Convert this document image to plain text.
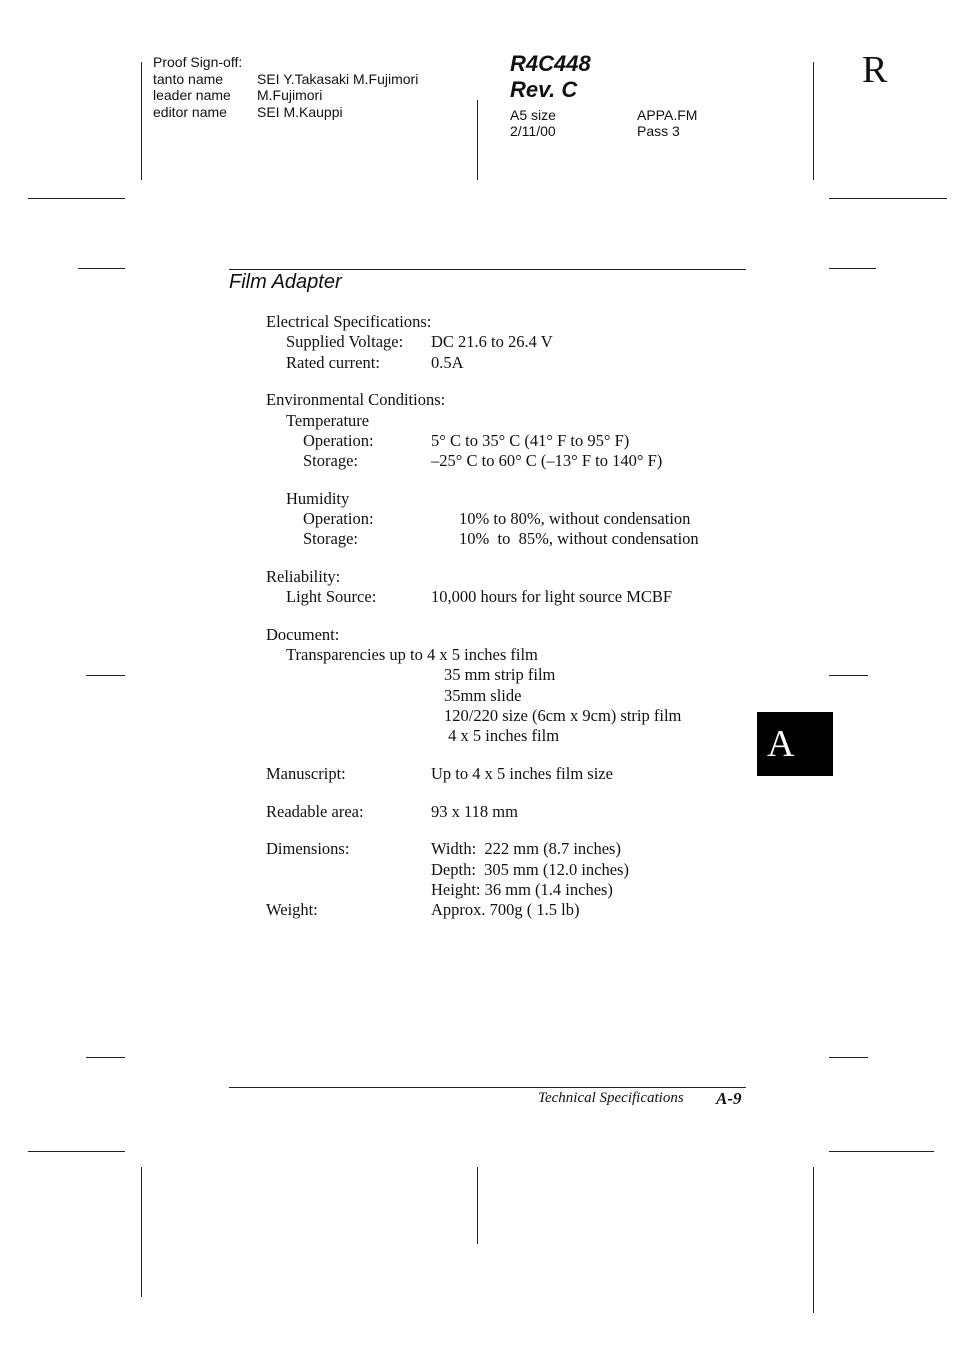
Proof Sign-off:
tanto name SEI Y.Takasaki M.Fujimori
leader name M.Fujimori
editor name SEI M.Kauppi
R4C448
Rev. C
A5 size	APPA.FM
2/11/00	Pass 3
R
Film Adapter
Electrical Specifications:
Supplied Voltage: DC 21.6 to 26.4 V
Rated current:	0.5A
Environmental Conditions:
Temperature
Operation:	5° C to 35° C (41° F to 95° F)
Storage:	–25° C to 60° C (–13° F to 140° F)
Humidity
Operation:	10% to 80%, without condensation
Storage:	10%  to  85%, without condensation
Reliability:
Light Source:	10,000 hours for light source MCBF
Document:
Transparencies up to 4 x 5 inches film
35 mm strip film
35mm slide
120/220 size (6cm x 9cm) strip film
4 x 5 inches film
Manuscript:	Up to 4 x 5 inches film size
Readable area:	93 x 118 mm
Dimensions:	Width:  222 mm (8.7 inches)
Depth:  305 mm (12.0 inches)
Height: 36 mm (1.4 inches)
Weight:	Approx. 700g ( 1.5 lb)
A
Technical Specifications A-9
